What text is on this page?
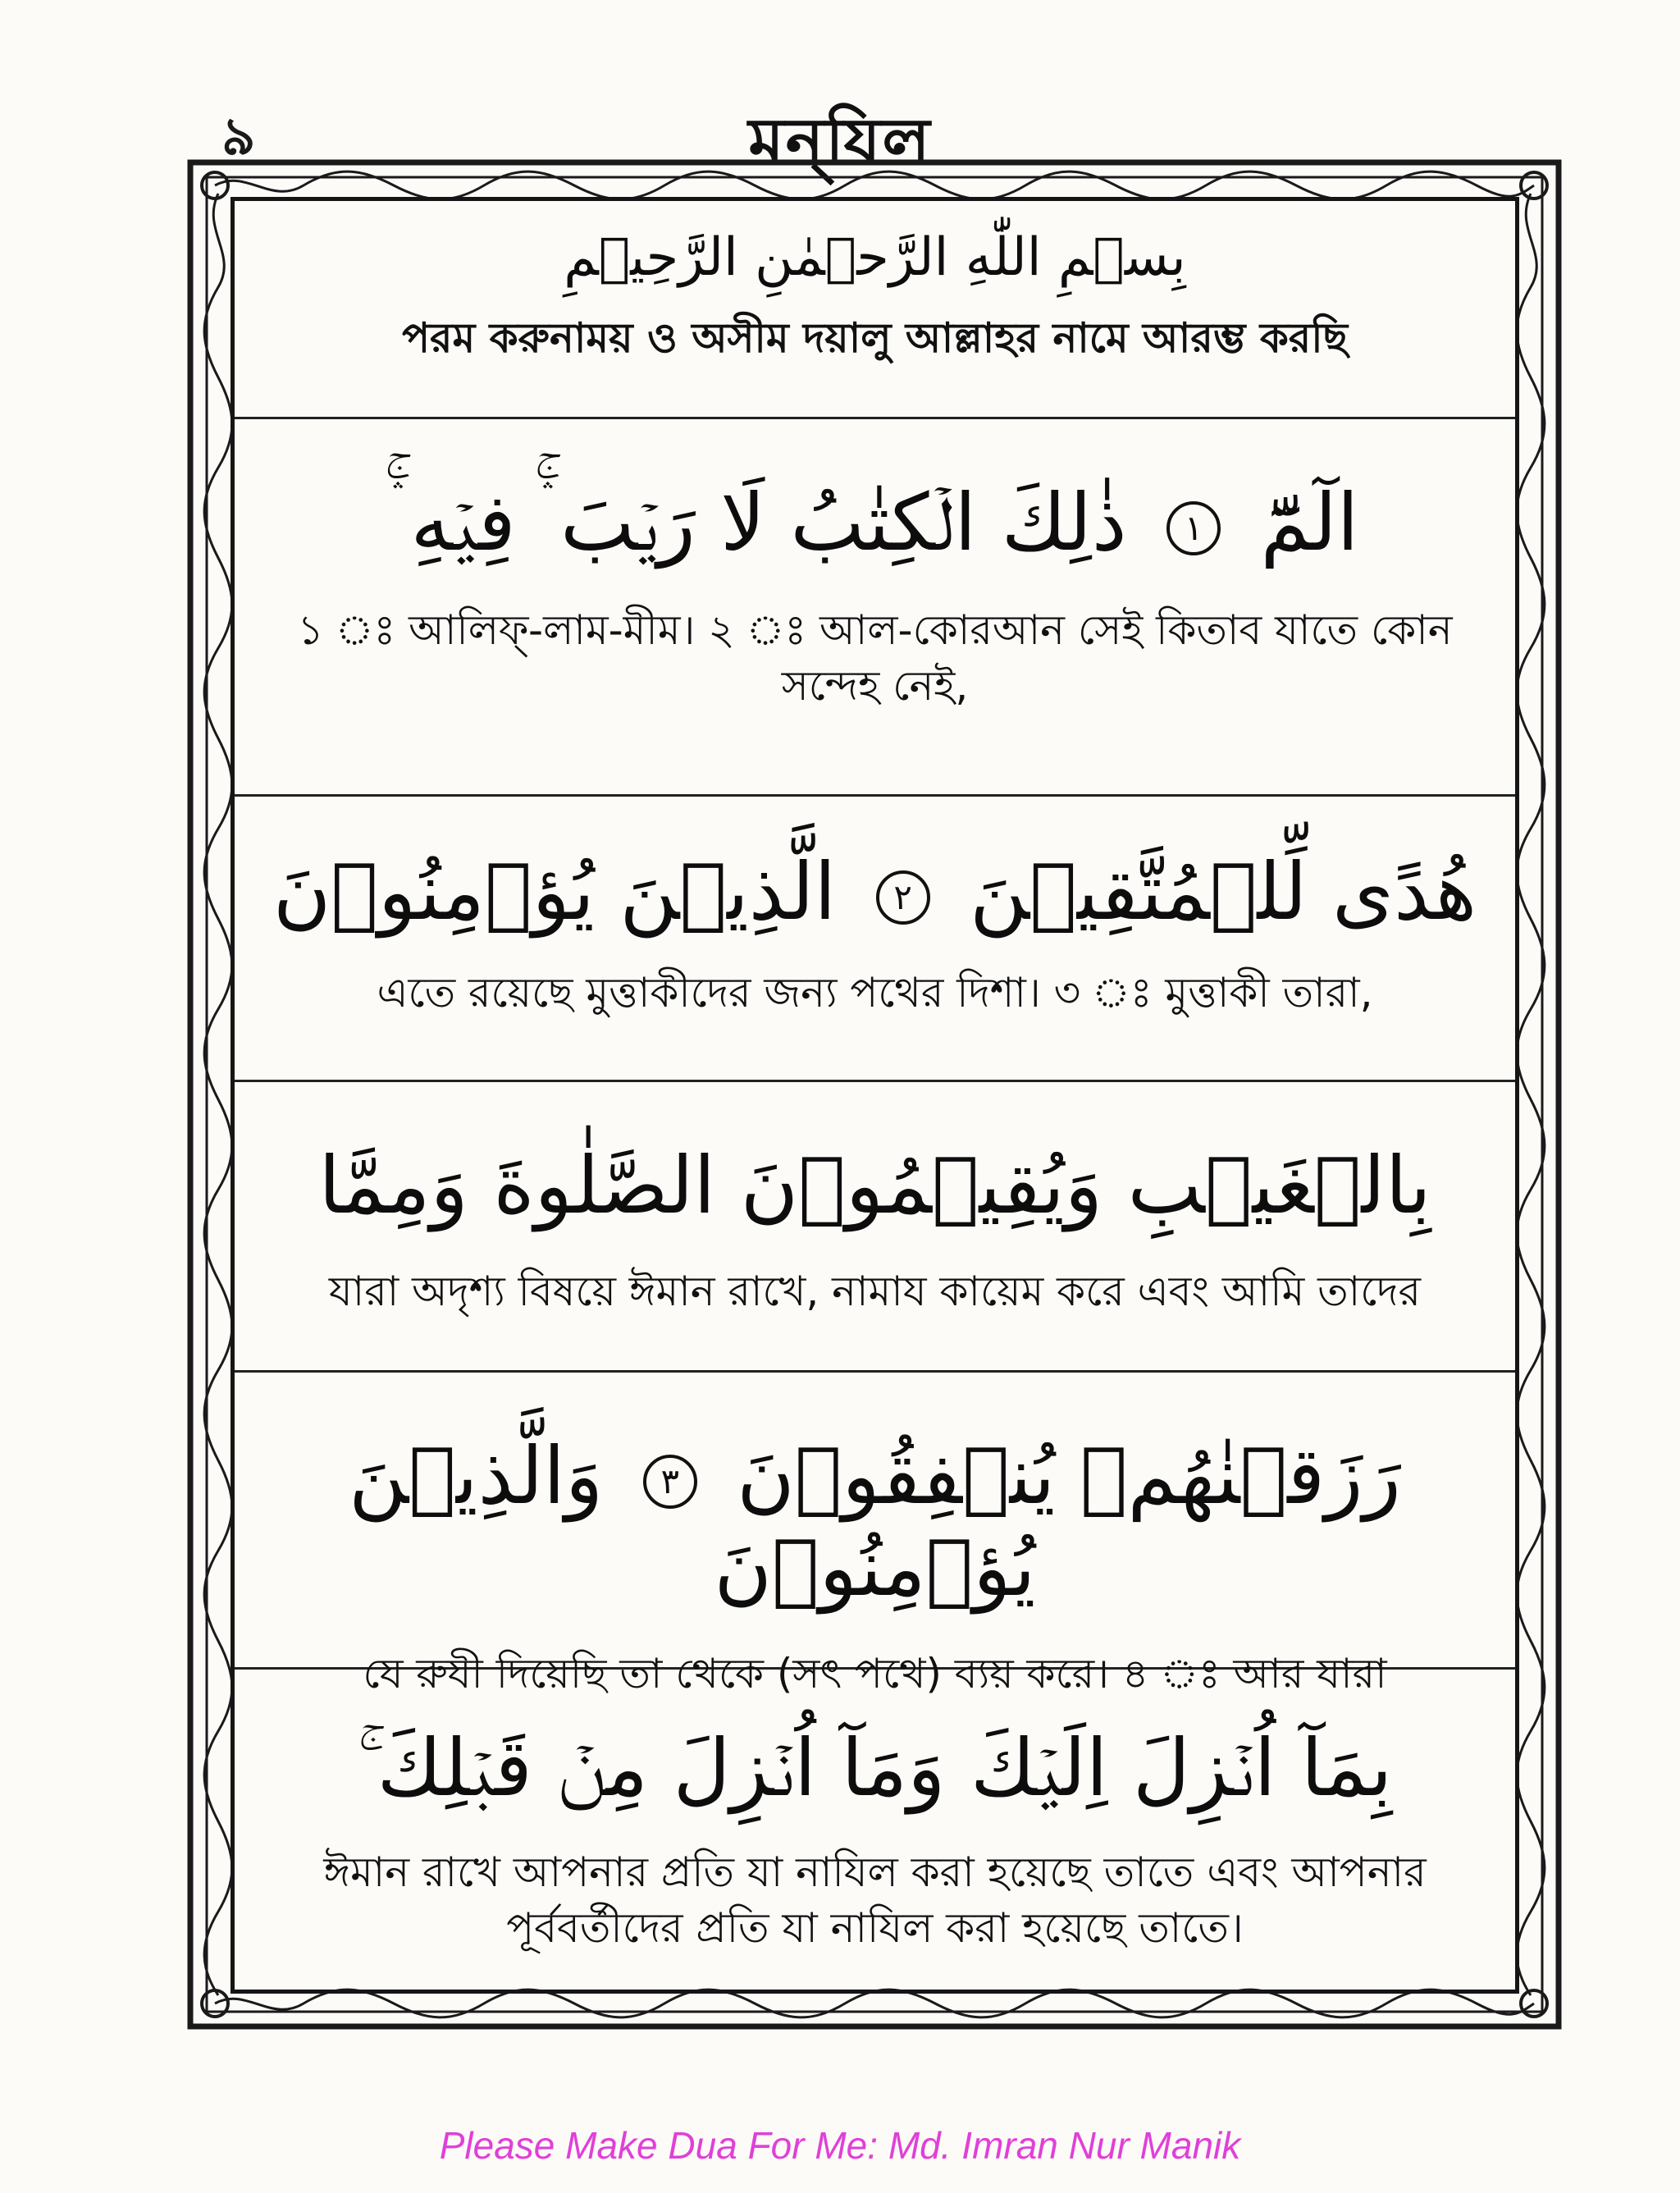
৯	মন্‌যিল
بِسۡمِ اللّٰهِ الرَّحۡمٰنِ الرَّحِيۡمِ
পরম করুনাময় ও অসীম দয়ালু আল্লাহর নামে আরম্ভ করছি
الٓمّٓ ١ ذٰلِكَ الۡكِتٰبُ لَا رَيۡبَ ۛۚ فِيۡهِ ۛۚ
১ ঃ আলিফ্-লাম-মীম। ২ ঃ আল-কোরআন সেই কিতাব যাতে কোন সন্দেহ নেই,
هُدًى لِّلۡمُتَّقِيۡنَ ٢ الَّذِيۡنَ يُؤۡمِنُوۡنَ
এতে রয়েছে মুত্তাকীদের জন্য পথের দিশা। ৩ ঃ মুত্তাকী তারা,
بِالۡغَيۡبِ وَيُقِيۡمُوۡنَ الصَّلٰوةَ وَمِمَّا
যারা অদৃশ্য বিষয়ে ঈমান রাখে, নামায কায়েম করে এবং আমি তাদের
رَزَقۡنٰهُمۡ يُنۡفِقُوۡنَ ٣ وَالَّذِيۡنَ يُؤۡمِنُوۡنَ
যে রুযী দিয়েছি তা থেকে (সৎ পথে) ব্যয় করে। ৪ ঃ আর যারা
بِمَآ اُنۡزِلَ اِلَيۡكَ وَمَآ اُنۡزِلَ مِنۡ قَبۡلِكَ ۚ
ঈমান রাখে আপনার প্রতি যা নাযিল করা হয়েছে তাতে এবং আপনার পূর্ববর্তীদের প্রতি যা নাযিল করা হয়েছে তাতে।
Please Make Dua For Me: Md. Imran Nur Manik
